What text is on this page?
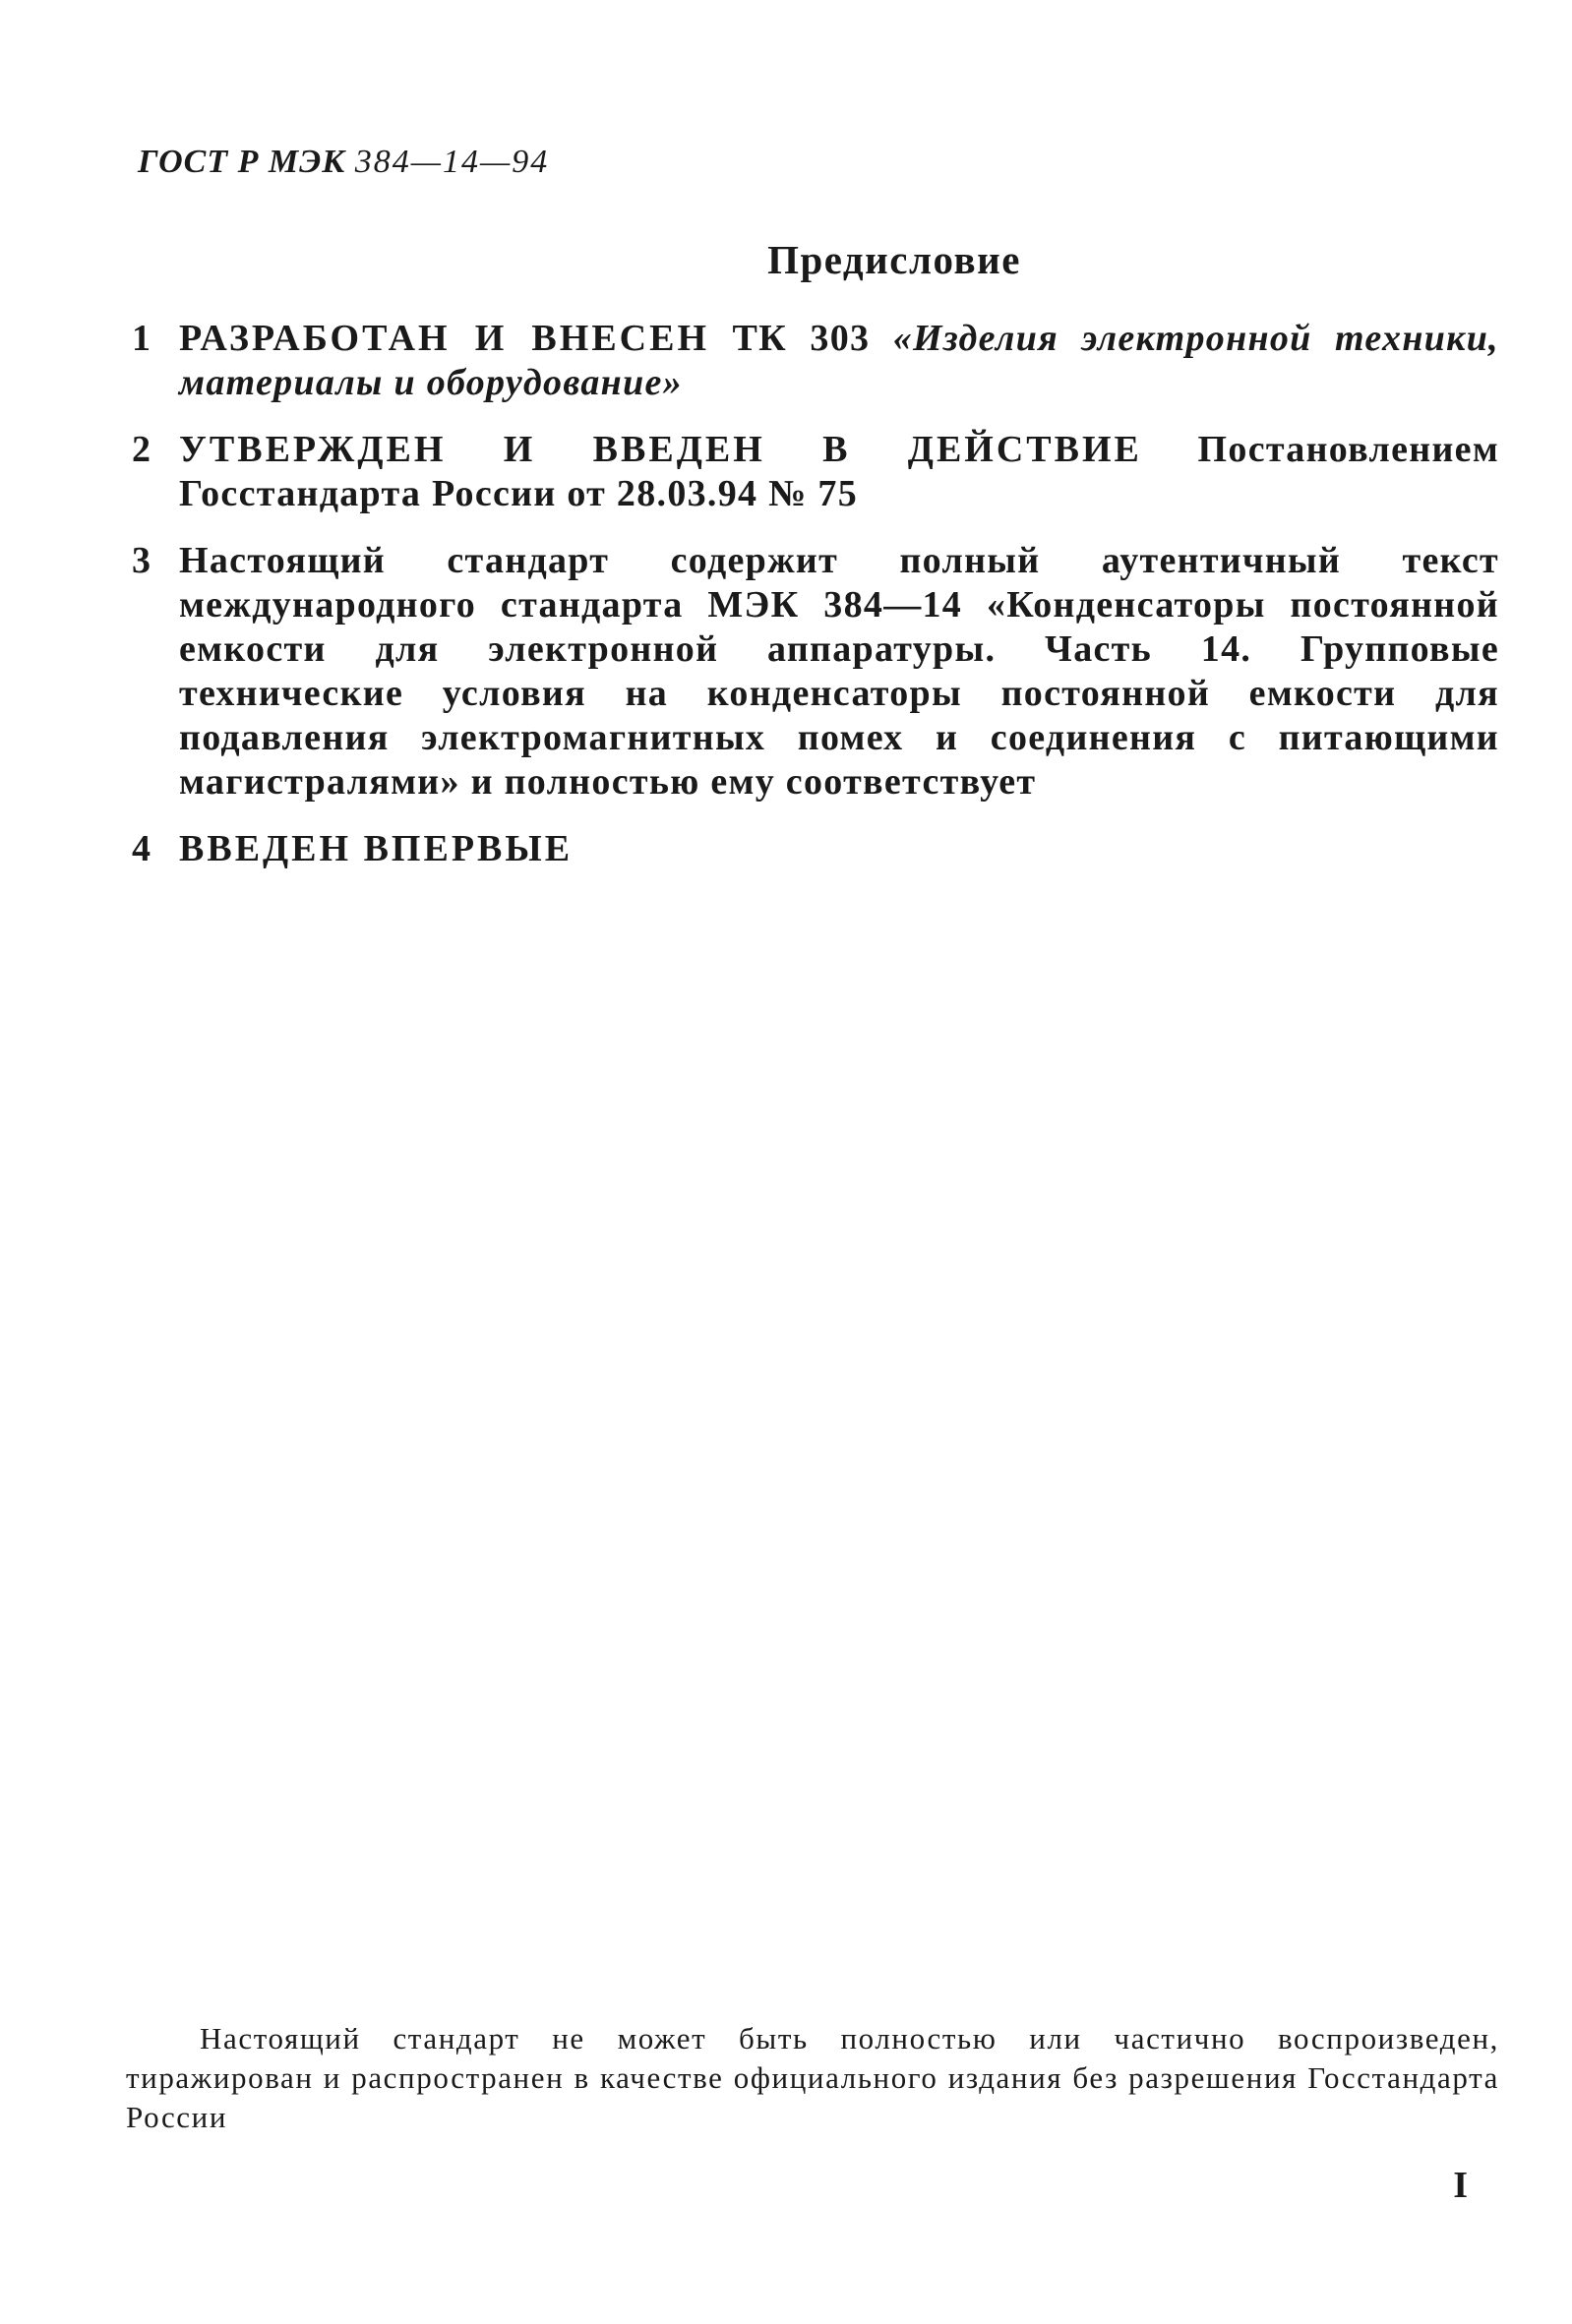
ГОСТ Р МЭК 384—14—94
Предисловие
1 РАЗРАБОТАН И ВНЕСЕН ТК 303 «Изделия электронной техники, материалы и оборудование»
2 УТВЕРЖДЕН И ВВЕДЕН В ДЕЙСТВИЕ Постановлением Госстандарта России от 28.03.94 № 75
3 Настоящий стандарт содержит полный аутентичный текст международного стандарта МЭК 384—14 «Конденсаторы постоянной емкости для электронной аппаратуры. Часть 14. Групповые технические условия на конденсаторы постоянной емкости для подавления электромагнитных помех и соединения с питающими магистралями» и полностью ему соответствует
4 ВВЕДЕН ВПЕРВЫЕ
Настоящий стандарт не может быть полностью или частично воспроизведен, тиражирован и распространен в качестве официального издания без разрешения Госстандарта России
I
